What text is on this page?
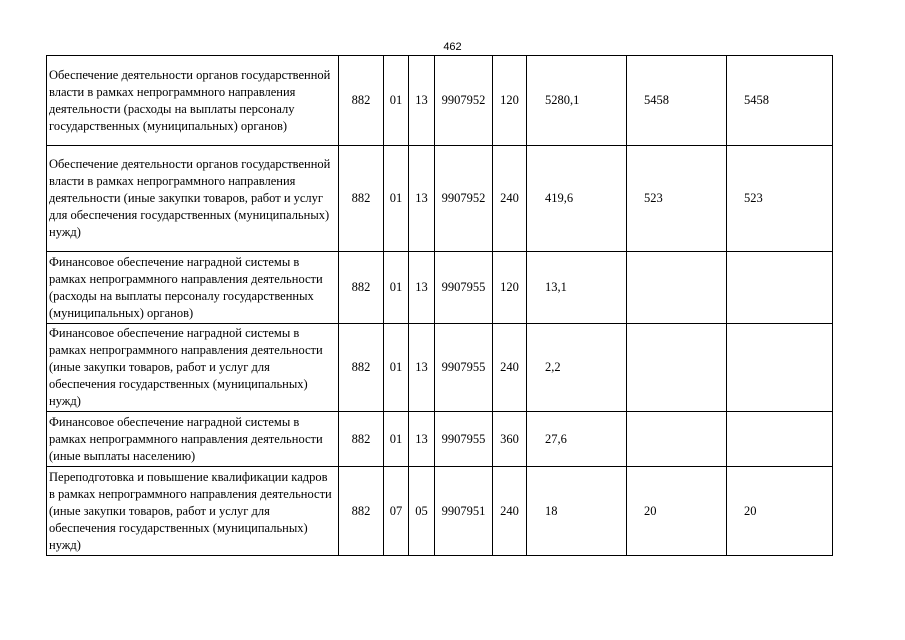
462
Обеспечение деятельности органов государственной власти в рамках непрограммного направления деятельности (расходы на выплаты персоналу государственных (муниципальных) органов)	882	01	13	9907952	120	5280,1	5458	5458
Обеспечение деятельности органов государственной власти в рамках непрограммного направления деятельности (иные закупки товаров, работ и услуг для обеспечения государственных (муниципальных) нужд)	882	01	13	9907952	240	419,6	523	523
Финансовое обеспечение наградной системы в рамках непрограммного направления деятельности (расходы на выплаты персоналу государственных (муниципальных) органов)	882	01	13	9907955	120	13,1		
Финансовое обеспечение наградной системы в рамках непрограммного направления деятельности (иные закупки товаров, работ и услуг для обеспечения государственных (муниципальных) нужд)	882	01	13	9907955	240	2,2		
Финансовое обеспечение наградной системы в рамках непрограммного направления деятельности (иные выплаты населению)	882	01	13	9907955	360	27,6		
Переподготовка и повышение квалификации кадров в рамках непрограммного направления деятельности (иные закупки товаров, работ и услуг для обеспечения государственных (муниципальных) нужд)	882	07	05	9907951	240	18	20	20
